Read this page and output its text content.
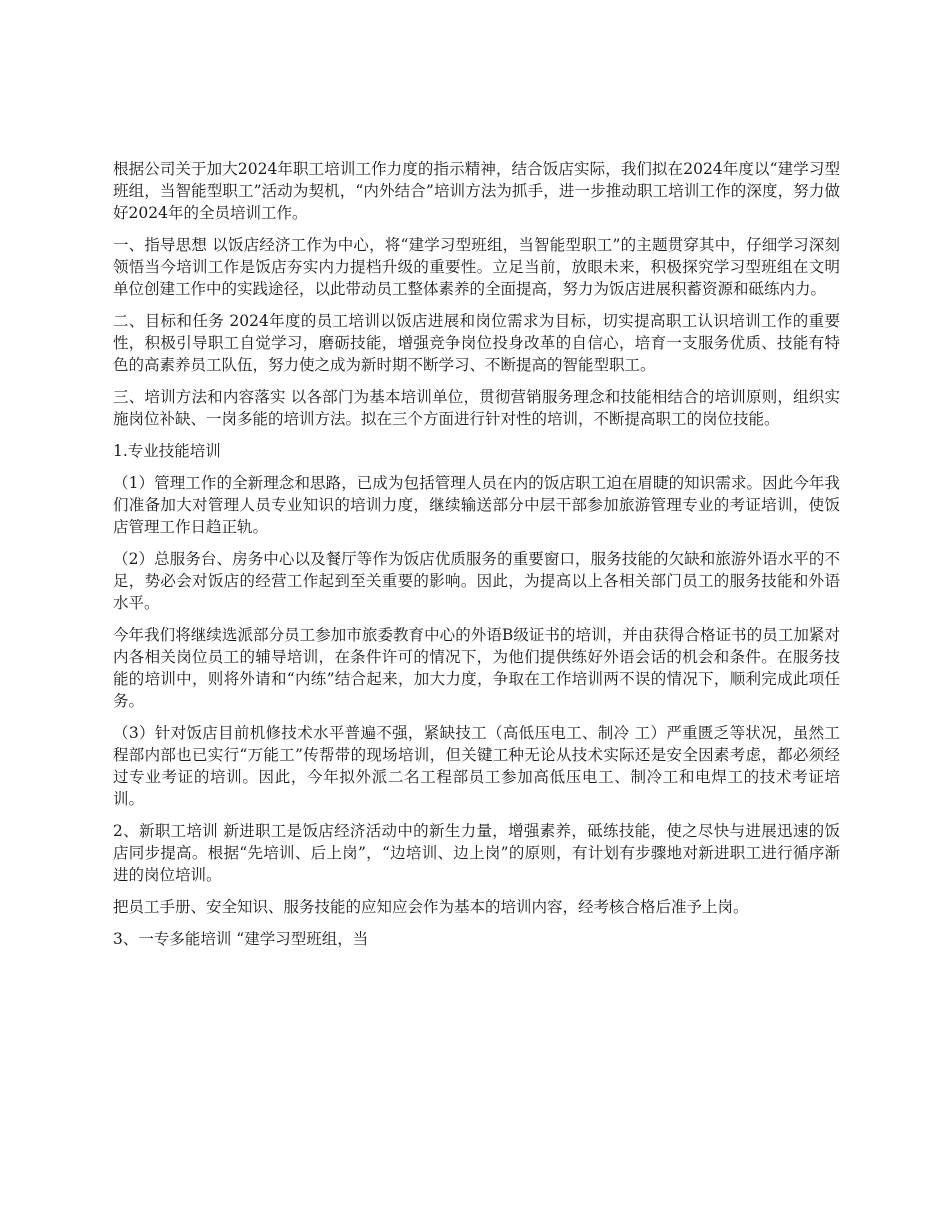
根据公司关于加大2024年职工培训工作力度的指示精神，结合饭店实际，我们拟在2024年度以“建学习型班组，当智能型职工”活动为契机，“内外结合”培训方法为抓手，进一步推动职工培训工作的深度，努力做好2024年的全员培训工作。

一、指导思想 以饭店经济工作为中心，将“建学习型班组，当智能型职工”的主题贯穿其中，仔细学习深刻领悟当今培训工作是饭店夯实内力提档升级的重要性。立足当前，放眼未来，积极探究学习型班组在文明单位创建工作中的实践途径，以此带动员工整体素养的全面提高，努力为饭店进展积蓄资源和砥练内力。

二、目标和任务 2024年度的员工培训以饭店进展和岗位需求为目标，切实提高职工认识培训工作的重要性，积极引导职工自觉学习，磨砺技能，增强竞争岗位投身改革的自信心，培育一支服务优质、技能有特色的高素养员工队伍，努力使之成为新时期不断学习、不断提高的智能型职工。

三、培训方法和内容落实 以各部门为基本培训单位，贯彻营销服务理念和技能相结合的培训原则，组织实施岗位补缺、一岗多能的培训方法。拟在三个方面进行针对性的培训，不断提高职工的岗位技能。

1.专业技能培训

（1）管理工作的全新理念和思路，已成为包括管理人员在内的饭店职工迫在眉睫的知识需求。因此今年我们准备加大对管理人员专业知识的培训力度，继续输送部分中层干部参加旅游管理专业的考证培训，使饭店管理工作日趋正轨。

（2）总服务台、房务中心以及餐厅等作为饭店优质服务的重要窗口，服务技能的欠缺和旅游外语水平的不足，势必会对饭店的经营工作起到至关重要的影响。因此，为提高以上各相关部门员工的服务技能和外语水平。

今年我们将继续选派部分员工参加市旅委教育中心的外语B级证书的培训，并由获得合格证书的员工加紧对内各相关岗位员工的辅导培训，在条件许可的情况下，为他们提供练好外语会话的机会和条件。在服务技能的培训中，则将外请和“内练”结合起来，加大力度，争取在工作培训两不误的情况下，顺利完成此项任务。

（3）针对饭店目前机修技术水平普遍不强，紧缺技工（高低压电工、制冷 工）严重匮乏等状况，虽然工程部内部也已实行“万能工”传帮带的现场培训，但关键工种无论从技术实际还是安全因素考虑，都必须经过专业考证的培训。因此，今年拟外派二名工程部员工参加高低压电工、制冷工和电焊工的技术考证培训。

2、新职工培训 新进职工是饭店经济活动中的新生力量，增强素养，砥练技能，使之尽快与进展迅速的饭店同步提高。根据“先培训、后上岗”，“边培训、边上岗”的原则，有计划有步骤地对新进职工进行循序渐进的岗位培训。

把员工手册、安全知识、服务技能的应知应会作为基本的培训内容，经考核合格后准予上岗。

3、一专多能培训 “建学习型班组，当
